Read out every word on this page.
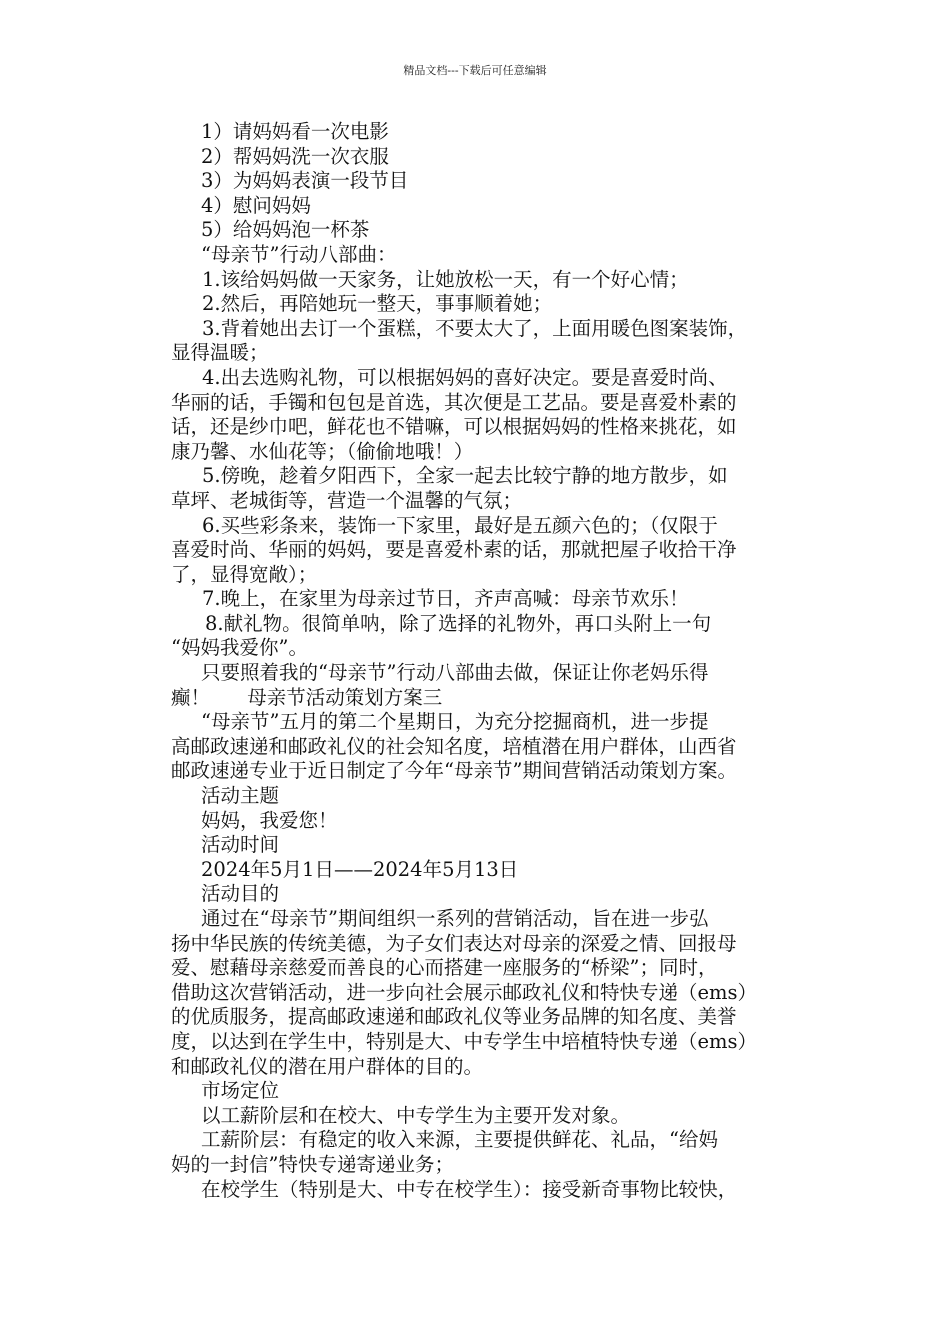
精品文档---下载后可任意编辑
1）请妈妈看一次电影
2）帮妈妈洗一次衣服
3）为妈妈表演一段节目
4）慰问妈妈
5）给妈妈泡一杯茶
“母亲节”行动八部曲：
1.该给妈妈做一天家务，让她放松一天，有一个好心情；
2.然后，再陪她玩一整天，事事顺着她；
3.背着她出去订一个蛋糕，不要太大了，上面用暖色图案装饰，
显得温暖；
4.出去选购礼物，可以根据妈妈的喜好决定。要是喜爱时尚、
华丽的话，手镯和包包是首选，其次便是工艺品。要是喜爱朴素的
话，还是纱巾吧，鲜花也不错嘛，可以根据妈妈的性格来挑花，如
康乃馨、水仙花等；（偷偷地哦！）
5.傍晚，趁着夕阳西下，全家一起去比较宁静的地方散步，如
草坪、老城街等，营造一个温馨的气氛；
6.买些彩条来，装饰一下家里，最好是五颜六色的；（仅限于
喜爱时尚、华丽的妈妈，要是喜爱朴素的话，那就把屋子收拾干净
了，显得宽敞）；
7.晚上，在家里为母亲过节日，齐声高喊：母亲节欢乐！
8.献礼物。很简单呐，除了选择的礼物外，再口头附上一句
“妈妈我爱你”。
只要照着我的“母亲节”行动八部曲去做，保证让你老妈乐得
癫！      母亲节活动策划方案三
“母亲节”五月的第二个星期日，为充分挖掘商机，进一步提
高邮政速递和邮政礼仪的社会知名度，培植潜在用户群体，山西省
邮政速递专业于近日制定了今年“母亲节”期间营销活动策划方案。
活动主题
妈妈，我爱您！
活动时间
2024年5月1日——2024年5月13日
活动目的
通过在“母亲节”期间组织一系列的营销活动，旨在进一步弘
扬中华民族的传统美德，为子女们表达对母亲的深爱之情、回报母
爱、慰藉母亲慈爱而善良的心而搭建一座服务的“桥梁”；同时，
借助这次营销活动，进一步向社会展示邮政礼仪和特快专递（ems）
的优质服务，提高邮政速递和邮政礼仪等业务品牌的知名度、美誉
度，以达到在学生中，特别是大、中专学生中培植特快专递（ems）
和邮政礼仪的潜在用户群体的目的。
市场定位
以工薪阶层和在校大、中专学生为主要开发对象。
工薪阶层：有稳定的收入来源，主要提供鲜花、礼品，“给妈
妈的一封信”特快专递寄递业务；
在校学生（特别是大、中专在校学生）：接受新奇事物比较快，
